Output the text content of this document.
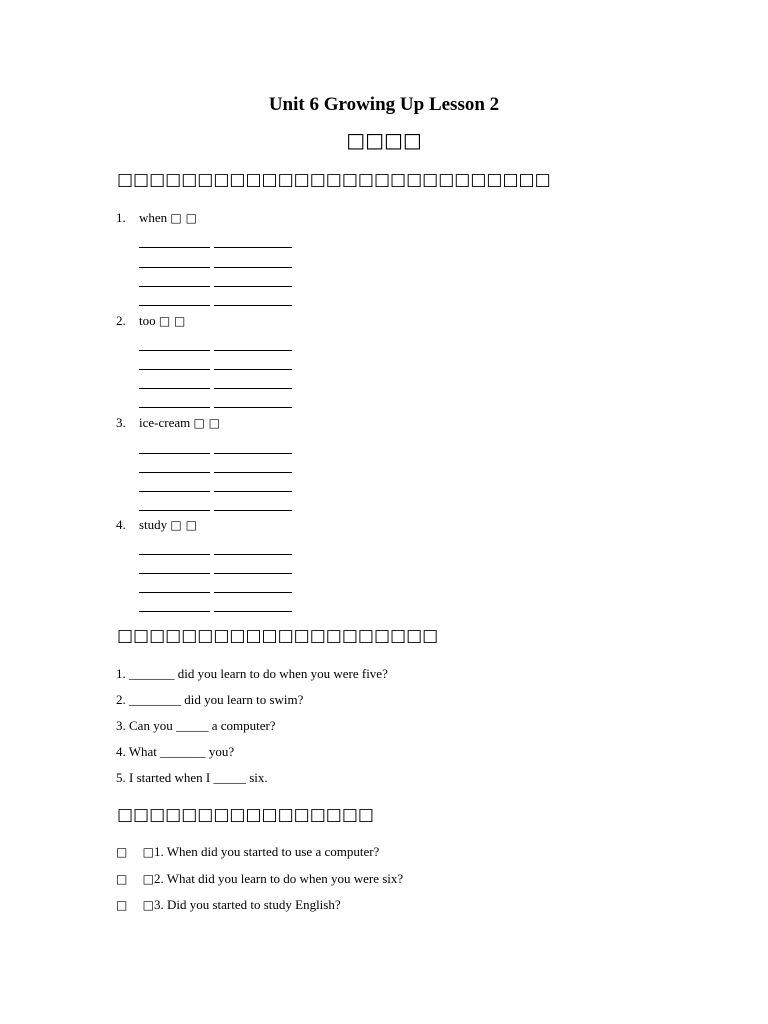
Unit 6 Growing Up Lesson 2
□□□□
□□□□□□□□□□□□□□□□□□□□□□□□□□□
1. when □ □
2. too □ □
3. ice-cream □ □
4. study □ □
□□□□□□□□□□□□□□□□□□□□
1. _______ did you learn to do when you were five?
2. ________ did you learn to swim?
3. Can you _____ a computer?
4. What _______ you?
5. I started when I _____ six.
□□□□□□□□□□□□□□□□
□    □1. When did you started to use a computer?
□    □2. What did you learn to do when you were six?
□    □3. Did you started to study English?
